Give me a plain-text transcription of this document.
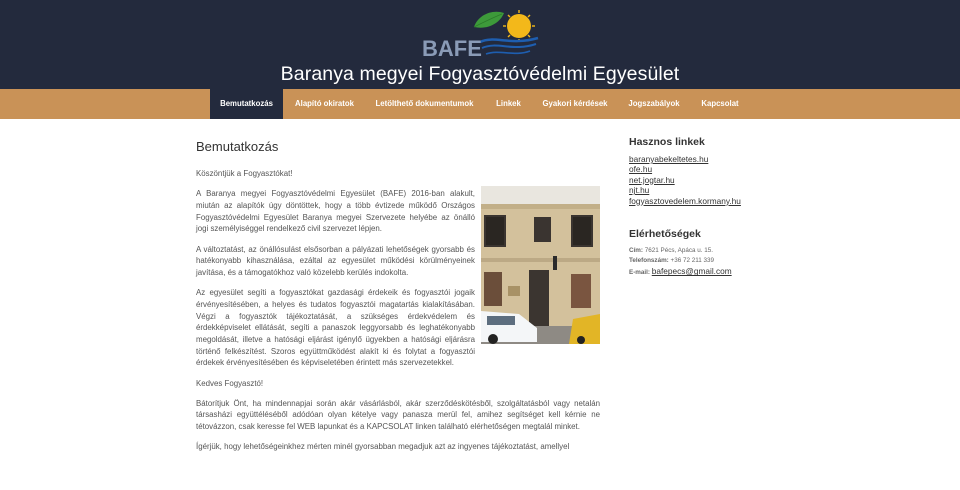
BAFE
Baranya megyei Fogyasztóvédelmi Egyesület
Bemutatkozás	Alapító okiratok	Letölthető dokumentumok	Linkek	Gyakori kérdések	Jogszabályok	Kapcsolat
Bemutatkozás

Köszöntjük a Fogyasztókat!

A Baranya megyei Fogyasztóvédelmi Egyesület (BAFE) 2016-ban alakult, miután az alapítók úgy döntöttek, hogy a több évtizede működő Országos Fogyasztóvédelmi Egyesület Baranya megyei Szervezete helyébe az önálló jogi személyiséggel rendelkező civil szervezet lépjen.

A változtatást, az önállósulást elsősorban a pályázati lehetőségek gyorsabb és hatékonyabb kihasználása, ezáltal az egyesület működési körülményeinek javítása, és a támogatókhoz való közelebb kerülés indokolta.

Az egyesület segíti a fogyasztókat gazdasági érdekeik és fogyasztói jogaik érvényesítésében, a helyes és tudatos fogyasztói magatartás kialakításában. Végzi a fogyasztók tájékoztatását, a szükséges érdekvédelem és érdekképviselet ellátását, segíti a panaszok leggyorsabb és leghatékonyabb megoldását, illetve a hatósági eljárást igénylő ügyekben a hatósági eljárásra történő felkészítést. Szoros együttműködést alakít ki és folytat a fogyasztói érdekek érvényesítésében és képviseletében érintett más szervezetekkel.

Kedves Fogyasztó!

Bátorítjuk Önt, ha mindennapjai során akár vásárlásból, akár szerződéskötésből, szolgáltatásból vagy netalán társasházi együttéléséből adódóan olyan kételye vagy panasza merül fel, amihez segítséget kell kérnie ne tétovázzon, csak keresse fel WEB lapunkat és a KAPCSOLAT linken található elérhetőségen megtalál minket.

Ígérjük, hogy lehetőségeinkhez mérten minél gyorsabban megadjuk azt az ingyenes tájékoztatást, amellyel

Hasznos linkek
baranyabekeltetes.hu
ofe.hu
net.jogtar.hu
njt.hu
fogyasztovedelem.kormany.hu
Elérhetőségek
Cím: 7621 Pécs, Apáca u. 15.
Telefonszám: +36 72 211 339
E-mail: bafepecs@gmail.com
